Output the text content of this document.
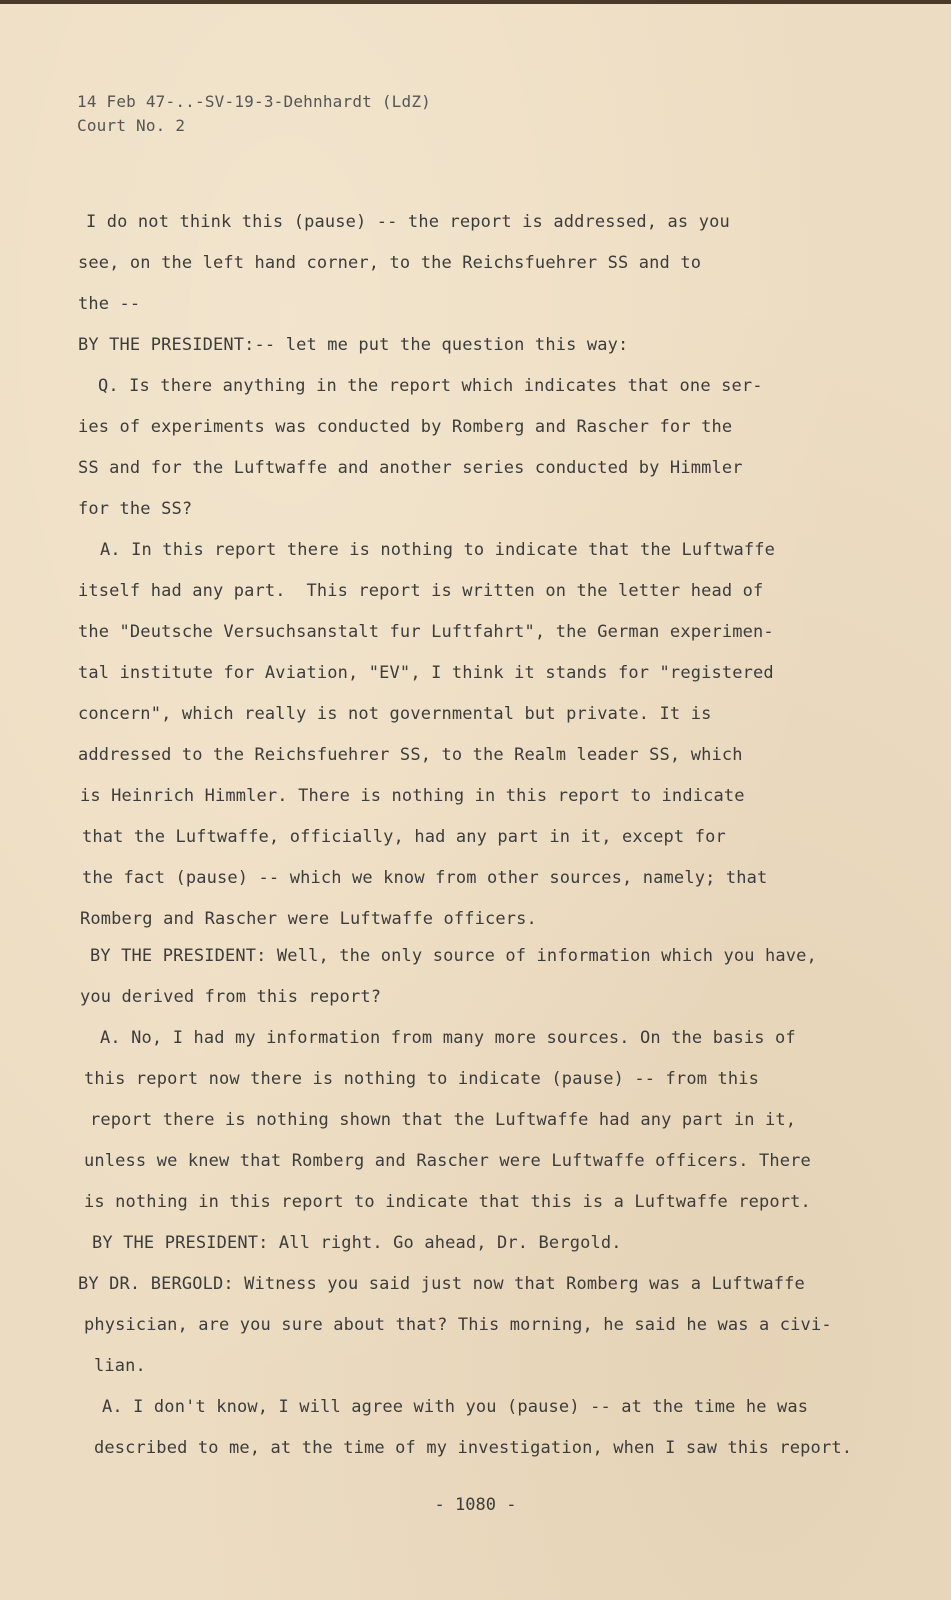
14 Feb 47-..-SV-19-3-Dehnhardt (LdZ)
Court No. 2
I do not think this (pause) -- the report is addressed, as you
see, on the left hand corner, to the Reichsfuehrer SS and to
the --
BY THE PRESIDENT:-- let me put the question this way:
Q. Is there anything in the report which indicates that one ser-
ies of experiments was conducted by Romberg and Rascher for the
SS and for the Luftwaffe and another series conducted by Himmler
for the SS?
A. In this report there is nothing to indicate that the Luftwaffe
itself had any part.  This report is written on the letter head of
the "Deutsche Versuchsanstalt fur Luftfahrt", the German experimen-
tal institute for Aviation, "EV", I think it stands for "registered
concern", which really is not governmental but private. It is
addressed to the Reichsfuehrer SS, to the Realm leader SS, which
is Heinrich Himmler. There is nothing in this report to indicate
that the Luftwaffe, officially, had any part in it, except for
the fact (pause) -- which we know from other sources, namely; that
Romberg and Rascher were Luftwaffe officers.
BY THE PRESIDENT: Well, the only source of information which you have,
you derived from this report?
A. No, I had my information from many more sources. On the basis of
this report now there is nothing to indicate (pause) -- from this
report there is nothing shown that the Luftwaffe had any part in it,
unless we knew that Romberg and Rascher were Luftwaffe officers. There
is nothing in this report to indicate that this is a Luftwaffe report.
BY THE PRESIDENT: All right. Go ahead, Dr. Bergold.
BY DR. BERGOLD: Witness you said just now that Romberg was a Luftwaffe
physician, are you sure about that? This morning, he said he was a civi-
lian.
A. I don't know, I will agree with you (pause) -- at the time he was
described to me, at the time of my investigation, when I saw this report.
- 1080 -
